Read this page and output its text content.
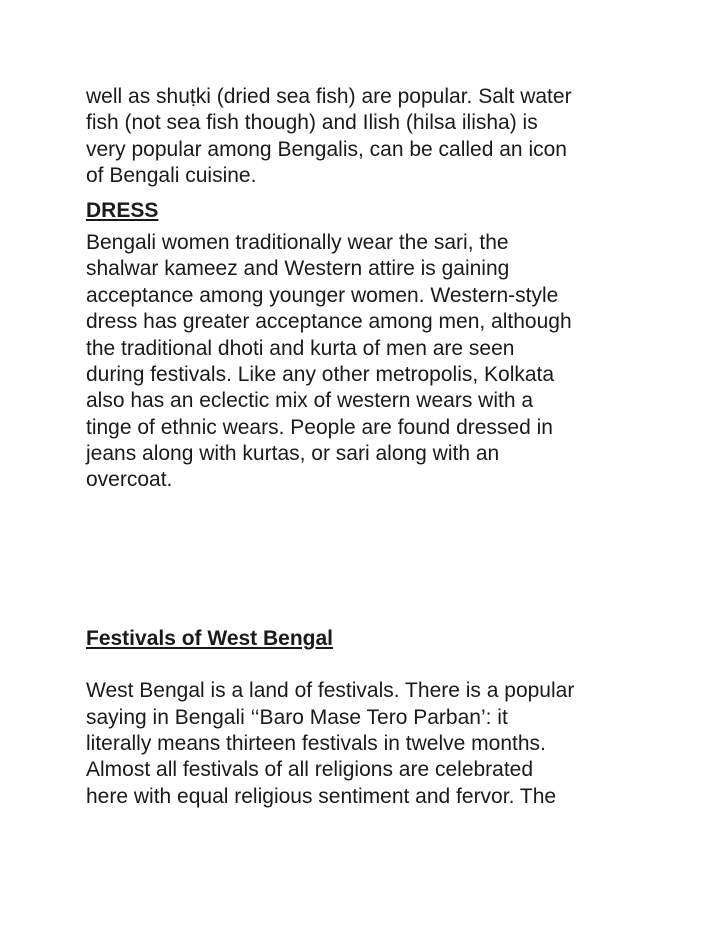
well as shuṭki (dried sea fish) are popular. Salt water
fish (not sea fish though) and Ilish (hilsa ilisha) is
very popular among Bengalis, can be called an icon
of Bengali cuisine.
DRESS
Bengali women traditionally wear the sari, the
shalwar kameez and Western attire is gaining
acceptance among younger women. Western-style
dress has greater acceptance among men, although
the traditional dhoti and kurta of men are seen
during festivals. Like any other metropolis, Kolkata
also has an eclectic mix of western wears with a
tinge of ethnic wears. People are found dressed in
jeans along with kurtas, or sari along with an
overcoat.
Festivals of West Bengal
West Bengal is a land of festivals. There is a popular
saying in Bengali ‘‘Baro Mase Tero Parban’: it
literally means thirteen festivals in twelve months.
Almost all festivals of all religions are celebrated
here with equal religious sentiment and fervor. The
